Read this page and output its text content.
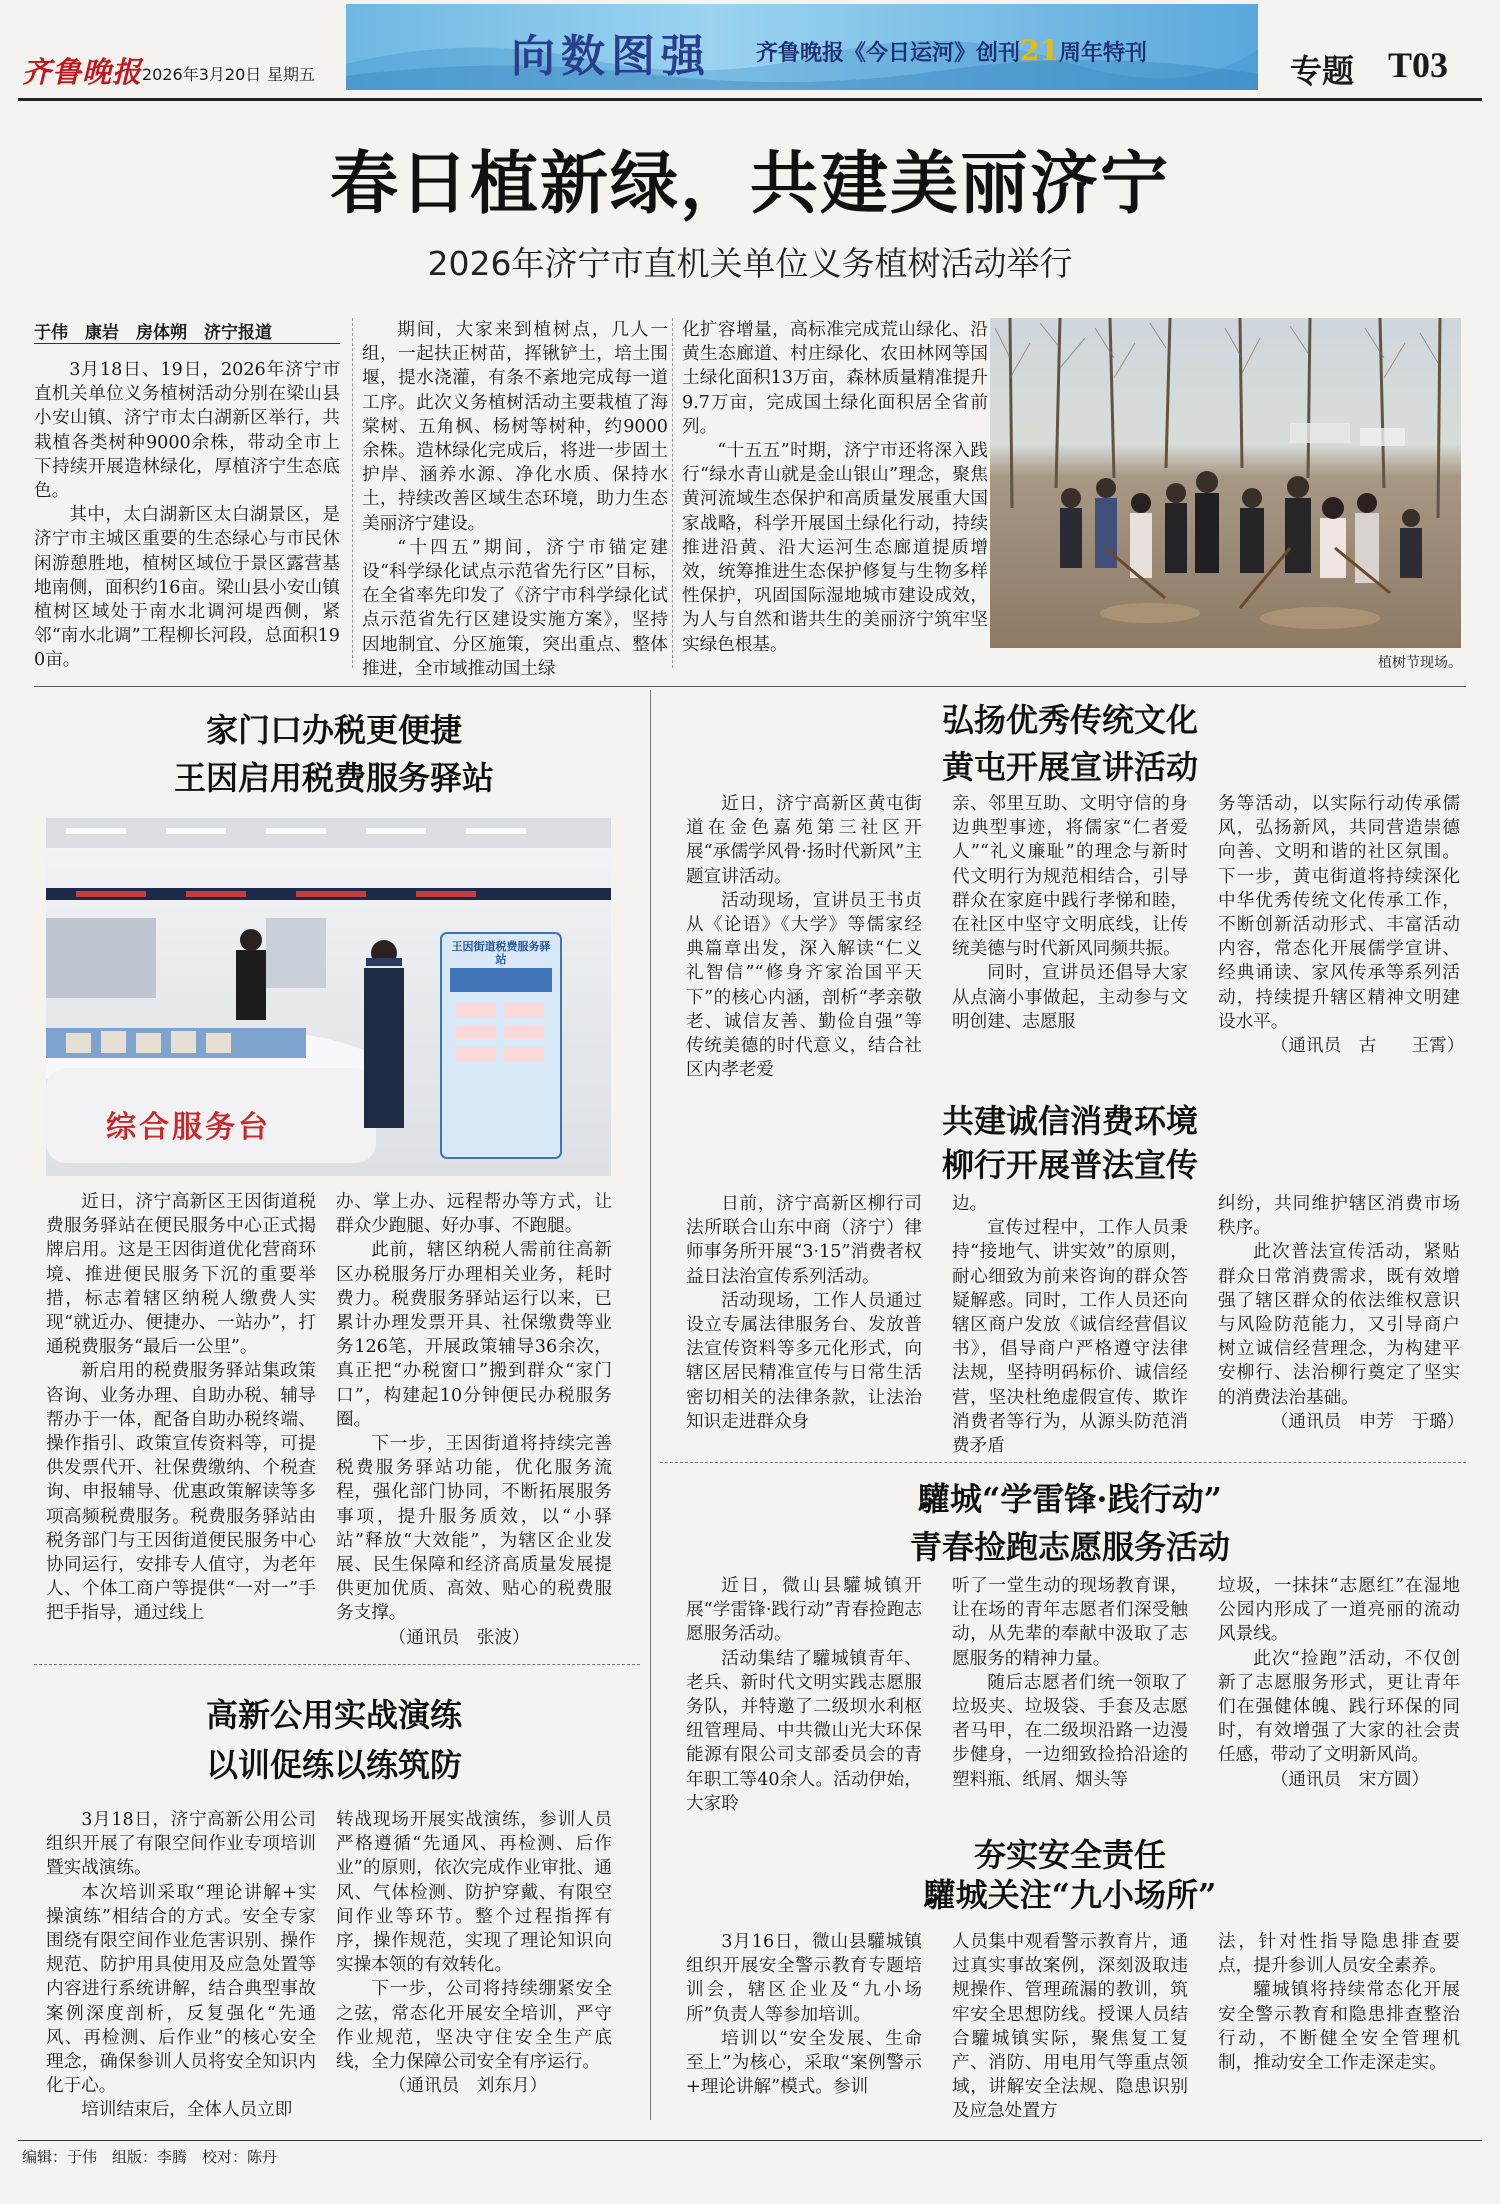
齐鲁晚报 2026年3月20日 星期五	向数图强 齐鲁晚报《今日运河》创刊21周年特刊	专题 T03
春日植新绿，共建美丽济宁
2026年济宁市直机关单位义务植树活动举行
于伟　康岩　房体朔　济宁报道

3月18日、19日，2026年济宁市直机关单位义务植树活动分别在梁山县小安山镇、济宁市太白湖新区举行，共栽植各类树种9000余株，带动全市上下持续开展造林绿化，厚植济宁生态底色。

其中，太白湖新区太白湖景区，是济宁市主城区重要的生态绿心与市民休闲游憩胜地，植树区域位于景区露营基地南侧，面积约16亩。梁山县小安山镇植树区域处于南水北调河堤西侧，紧邻“南水北调”工程柳长河段，总面积190亩。

期间，大家来到植树点，几人一组，一起扶正树苗，挥锹铲土，培土围堰，提水浇灌，有条不紊地完成每一道工序。此次义务植树活动主要栽植了海棠树、五角枫、杨树等树种，约9000余株。造林绿化完成后，将进一步固土护岸、涵养水源、净化水质、保持水土，持续改善区域生态环境，助力生态美丽济宁建设。

“十四五”期间，济宁市锚定建设“科学绿化试点示范省先行区”目标，在全省率先印发了《济宁市科学绿化试点示范省先行区建设实施方案》，坚持因地制宜、分区施策，突出重点、整体推进，全市域推动国土绿

化扩容增量，高标准完成荒山绿化、沿黄生态廊道、村庄绿化、农田林网等国土绿化面积13万亩，森林质量精准提升9.7万亩，完成国土绿化面积居全省前列。

“十五五”时期，济宁市还将深入践行“绿水青山就是金山银山”理念，聚焦黄河流域生态保护和高质量发展重大国家战略，科学开展国土绿化行动，持续推进沿黄、沿大运河生态廊道提质增效，统筹推进生态保护修复与生物多样性保护，巩固国际湿地城市建设成效，为人与自然和谐共生的美丽济宁筑牢坚实绿色根基。

植树节现场。
家门口办税更便捷
王因启用税费服务驿站
综合服务台
王因街道税费服务驿站

近日，济宁高新区王因街道税费服务驿站在便民服务中心正式揭牌启用。这是王因街道优化营商环境、推进便民服务下沉的重要举措，标志着辖区纳税人缴费人实现“就近办、便捷办、一站办”，打通税费服务“最后一公里”。

新启用的税费服务驿站集政策咨询、业务办理、自助办税、辅导帮办于一体，配备自助办税终端、操作指引、政策宣传资料等，可提供发票代开、社保费缴纳、个税查询、申报辅导、优惠政策解读等多项高频税费服务。税费服务驿站由税务部门与王因街道便民服务中心协同运行，安排专人值守，为老年人、个体工商户等提供“一对一”手把手指导，通过线上

办、掌上办、远程帮办等方式，让群众少跑腿、好办事、不跑腿。

此前，辖区纳税人需前往高新区办税服务厅办理相关业务，耗时费力。税费服务驿站运行以来，已累计办理发票开具、社保缴费等业务126笔，开展政策辅导36余次，真正把“办税窗口”搬到群众“家门口”，构建起10分钟便民办税服务圈。

下一步，王因街道将持续完善税费服务驿站功能，优化服务流程，强化部门协同，不断拓展服务事项，提升服务质效，以“小驿站”释放“大效能”，为辖区企业发展、民生保障和经济高质量发展提供更加优质、高效、贴心的税费服务支撑。

（通讯员　张波）

高新公用实战演练
以训促练以练筑防

3月18日，济宁高新公用公司组织开展了有限空间作业专项培训暨实战演练。

本次培训采取“理论讲解+实操演练”相结合的方式。安全专家围绕有限空间作业危害识别、操作规范、防护用具使用及应急处置等内容进行系统讲解，结合典型事故案例深度剖析，反复强化“先通风、再检测、后作业”的核心安全理念，确保参训人员将安全知识内化于心。

培训结束后，全体人员立即

转战现场开展实战演练，参训人员严格遵循“先通风、再检测、后作业”的原则，依次完成作业审批、通风、气体检测、防护穿戴、有限空间作业等环节。整个过程指挥有序，操作规范，实现了理论知识向实操本领的有效转化。

下一步，公司将持续绷紧安全之弦，常态化开展安全培训，严守作业规范，坚决守住安全生产底线，全力保障公司安全有序运行。

（通讯员　刘东月）

弘扬优秀传统文化
黄屯开展宣讲活动

近日，济宁高新区黄屯街道在金色嘉苑第三社区开展“承儒学风骨·扬时代新风”主题宣讲活动。

活动现场，宣讲员王书贞从《论语》《大学》等儒家经典篇章出发，深入解读“仁义礼智信”“修身齐家治国平天下”的核心内涵，剖析“孝亲敬老、诚信友善、勤俭自强”等传统美德的时代意义，结合社区内孝老爱

亲、邻里互助、文明守信的身边典型事迹，将儒家“仁者爱人”“礼义廉耻”的理念与新时代文明行为规范相结合，引导群众在家庭中践行孝悌和睦，在社区中坚守文明底线，让传统美德与时代新风同频共振。

同时，宣讲员还倡导大家从点滴小事做起，主动参与文明创建、志愿服

务等活动，以实际行动传承儒风，弘扬新风，共同营造崇德向善、文明和谐的社区氛围。下一步，黄屯街道将持续深化中华优秀传统文化传承工作，不断创新活动形式、丰富活动内容，常态化开展儒学宣讲、经典诵读、家风传承等系列活动，持续提升辖区精神文明建设水平。

（通讯员　古　　王霄）

共建诚信消费环境
柳行开展普法宣传

日前，济宁高新区柳行司法所联合山东中商（济宁）律师事务所开展“3·15”消费者权益日法治宣传系列活动。

活动现场，工作人员通过设立专属法律服务台、发放普法宣传资料等多元化形式，向辖区居民精准宣传与日常生活密切相关的法律条款，让法治知识走进群众身

边。

宣传过程中，工作人员秉持“接地气、讲实效”的原则，耐心细致为前来咨询的群众答疑解惑。同时，工作人员还向辖区商户发放《诚信经营倡议书》，倡导商户严格遵守法律法规，坚持明码标价、诚信经营，坚决杜绝虚假宣传、欺诈消费者等行为，从源头防范消费矛盾

纠纷，共同维护辖区消费市场秩序。

此次普法宣传活动，紧贴群众日常消费需求，既有效增强了辖区群众的依法维权意识与风险防范能力，又引导商户树立诚信经营理念，为构建平安柳行、法治柳行奠定了坚实的消费法治基础。

（通讯员　申芳　于璐）

驩城“学雷锋·践行动”
青春捡跑志愿服务活动

近日，微山县驩城镇开展“学雷锋·践行动”青春捡跑志愿服务活动。

活动集结了驩城镇青年、老兵、新时代文明实践志愿服务队，并特邀了二级坝水利枢纽管理局、中共微山光大环保能源有限公司支部委员会的青年职工等40余人。活动伊始，大家聆

听了一堂生动的现场教育课，让在场的青年志愿者们深受触动，从先辈的奉献中汲取了志愿服务的精神力量。

随后志愿者们统一领取了垃圾夹、垃圾袋、手套及志愿者马甲，在二级坝沿路一边漫步健身，一边细致捡拾沿途的塑料瓶、纸屑、烟头等

垃圾，一抹抹“志愿红”在湿地公园内形成了一道亮丽的流动风景线。

此次“捡跑”活动，不仅创新了志愿服务形式，更让青年们在强健体魄、践行环保的同时，有效增强了大家的社会责任感，带动了文明新风尚。

（通讯员　宋方圆）

夯实安全责任
驩城关注“九小场所”

3月16日，微山县驩城镇组织开展安全警示教育专题培训会，辖区企业及“九小场所”负责人等参加培训。

培训以“安全发展、生命至上”为核心，采取“案例警示+理论讲解”模式。参训

人员集中观看警示教育片，通过真实事故案例，深刻汲取违规操作、管理疏漏的教训，筑牢安全思想防线。授课人员结合驩城镇实际，聚焦复工复产、消防、用电用气等重点领域，讲解安全法规、隐患识别及应急处置方

法，针对性指导隐患排查要点，提升参训人员安全素养。

驩城镇将持续常态化开展安全警示教育和隐患排查整治行动，不断健全安全管理机制，推动安全工作走深走实。

编辑：于伟　组版：李腾　校对：陈丹
